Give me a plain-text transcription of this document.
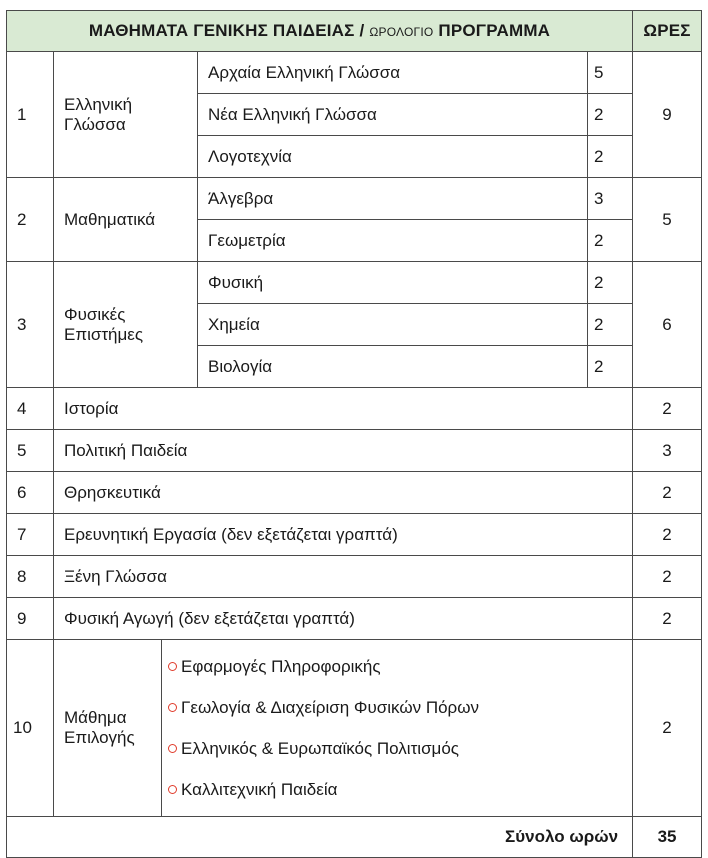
ΜΑΘΗΜΑΤΑ ΓΕΝΙΚΗΣ ΠΑΙΔΕΙΑΣ / ΩΡΟΛΟΓΙΟ ΠΡΟΓΡΑΜΜΑ					ΩΡΕΣ
1	Ελληνική Γλώσσα		Αρχαία Ελληνική Γλώσσα	5	9
			Νέα Ελληνική Γλώσσα	2	
			Λογοτεχνία	2	
2	Μαθηματικά		Άλγεβρα	3	5
			Γεωμετρία	2	
3	Φυσικές Επιστήμες		Φυσική	2	6
			Χημεία	2	
			Βιολογία	2	
4	Ιστορία				2
5	Πολιτική Παιδεία				3
6	Θρησκευτικά				2
7	Ερευνητική Εργασία (δεν εξετάζεται γραπτά)				2
8	Ξένη Γλώσσα				2
9	Φυσική Αγωγή (δεν εξετάζεται γραπτά)				2
10	Μάθημα Επιλογής	Εφαρμογές Πληροφορικής
Γεωλογία & Διαχείριση Φυσικών Πόρων
Ελληνικός & Ευρωπαϊκός Πολιτισμός
Καλλιτεχνική Παιδεία			2
Σύνολο ωρών					35
